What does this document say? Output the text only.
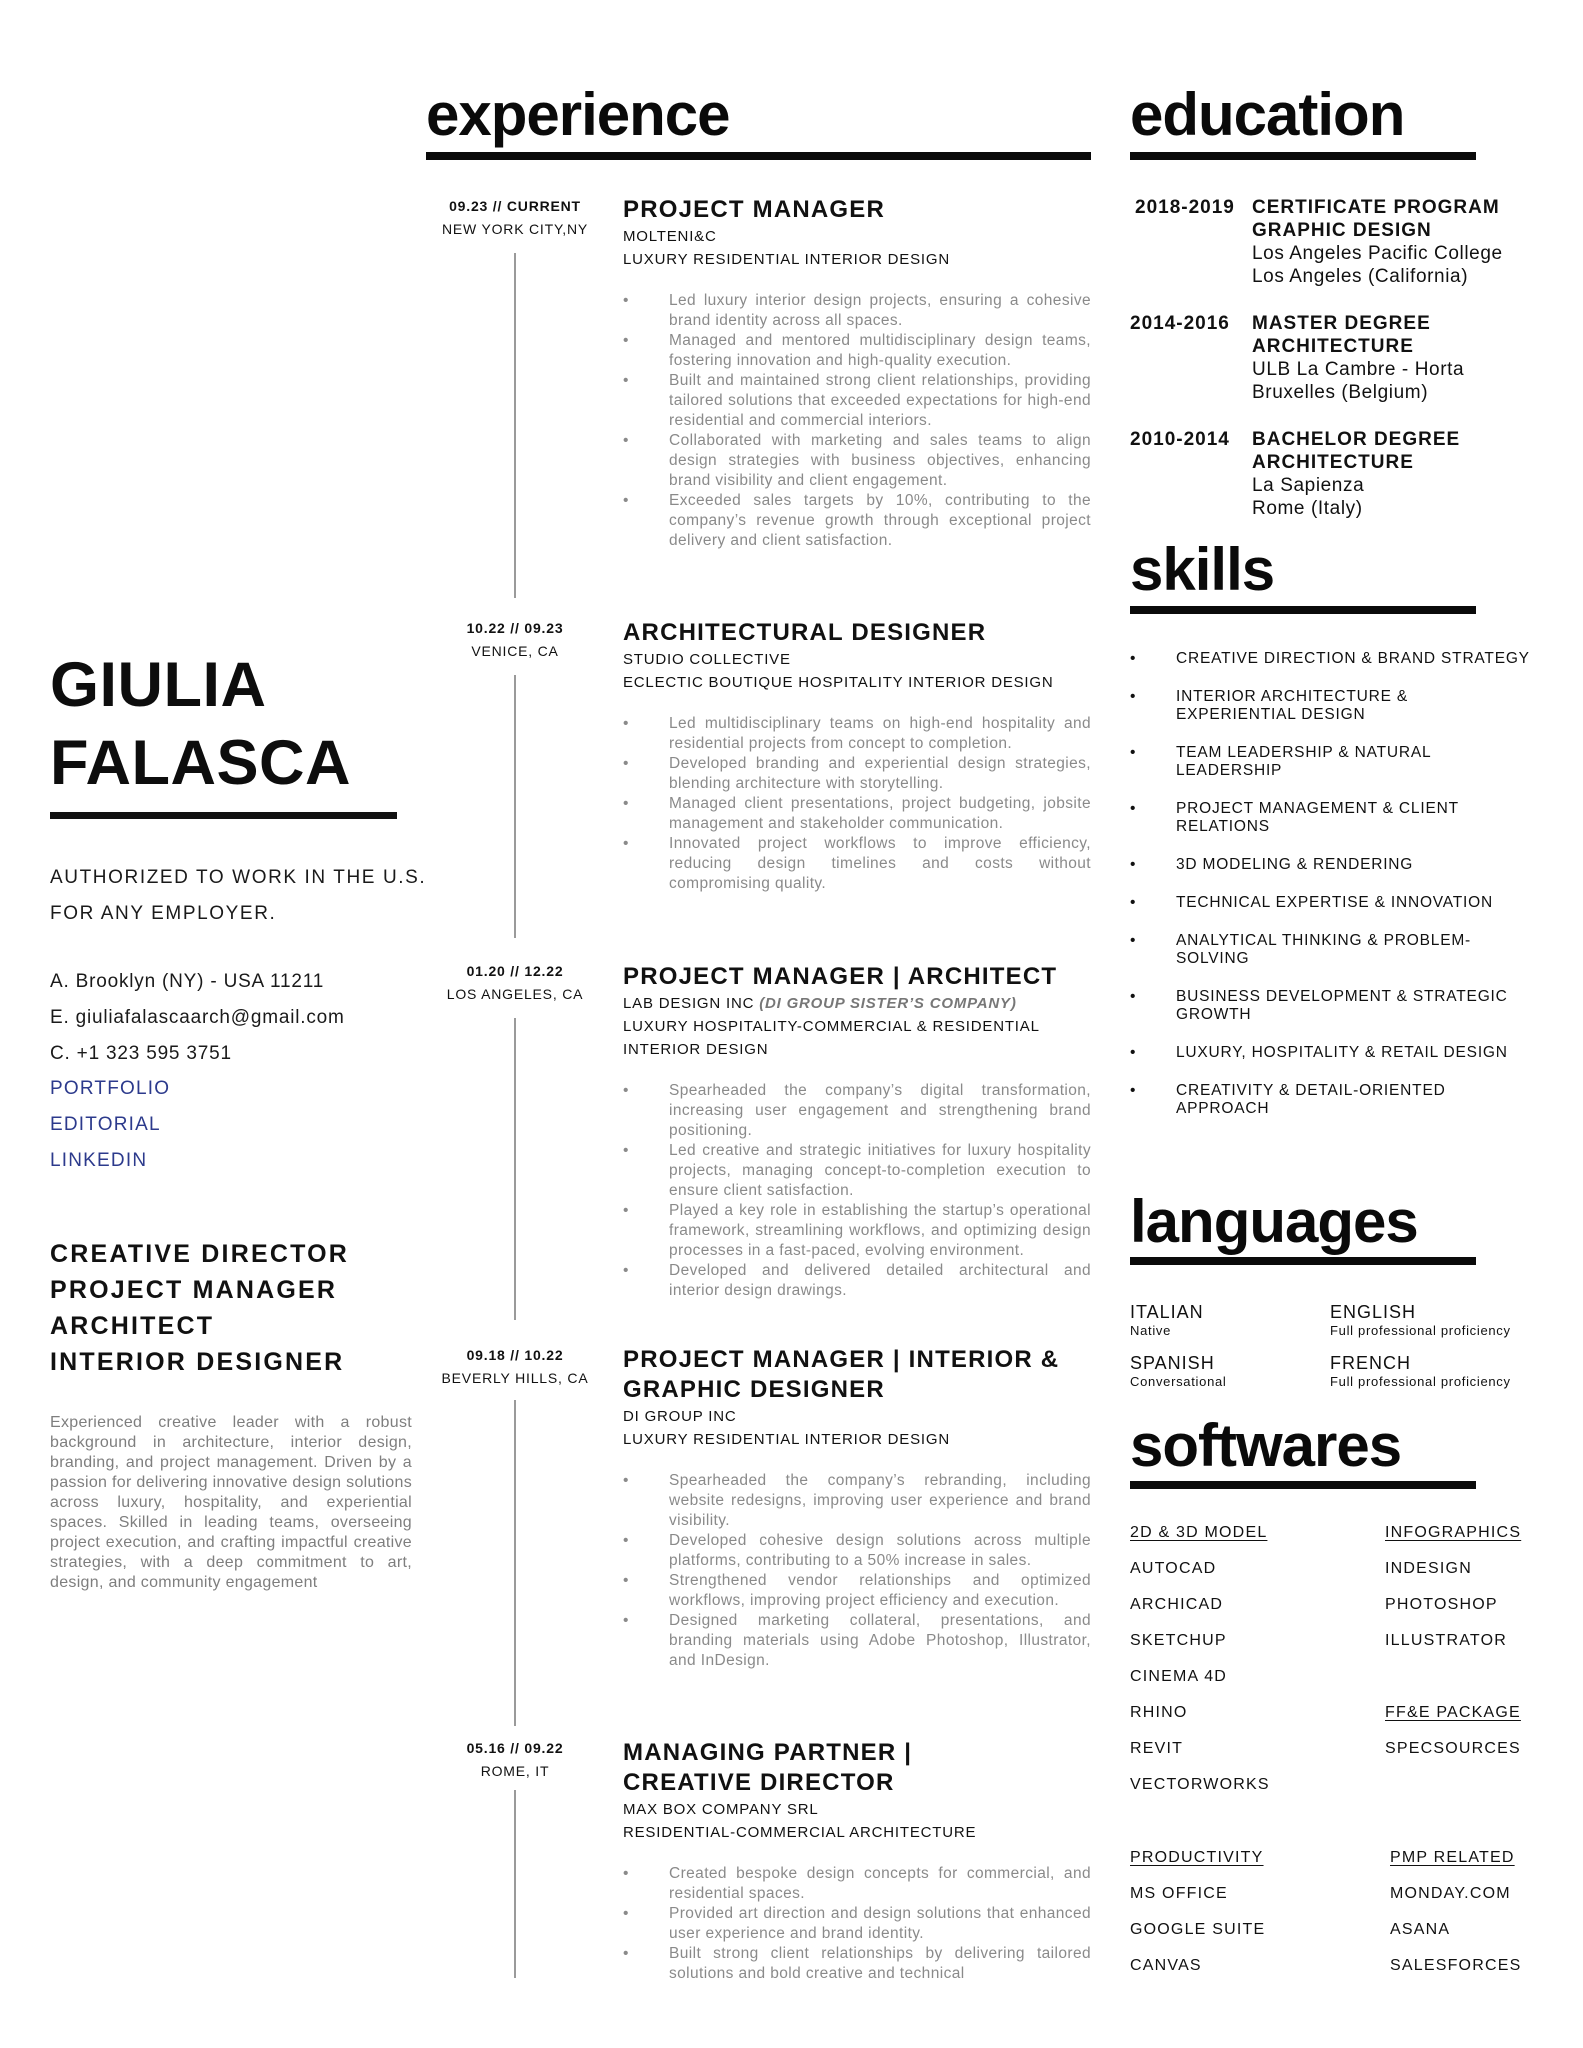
GIULIA
FALASCA
AUTHORIZED TO WORK IN THE U.S.
FOR ANY EMPLOYER.
A. Brooklyn (NY) - USA 11211
E. giuliafalascaarch@gmail.com
C. +1 323 595 3751
PORTFOLIO
EDITORIAL
LINKEDIN
CREATIVE DIRECTOR
PROJECT MANAGER
ARCHITECT
INTERIOR DESIGNER
Experienced creative leader with a robust background in architecture, interior design, branding, and project management. Driven by a passion for delivering innovative design solutions across luxury, hospitality, and experiential spaces. Skilled in leading teams, overseeing project execution, and crafting impactful creative strategies, with a deep commitment to art, design, and community engagement
experience
09.23 // CURRENT
NEW YORK CITY,NY
PROJECT MANAGER
MOLTENI&C
LUXURY RESIDENTIAL INTERIOR DESIGN
• Led luxury interior design projects, ensuring a cohesive brand identity across all spaces.
• Managed and mentored multidisciplinary design teams, fostering innovation and high-quality execution.
• Built and maintained strong client relationships, providing tailored solutions that exceeded expectations for high-end residential and commercial interiors.
• Collaborated with marketing and sales teams to align design strategies with business objectives, enhancing brand visibility and client engagement.
• Exceeded sales targets by 10%, contributing to the company’s revenue growth through exceptional project delivery and client satisfaction.
10.22 // 09.23
VENICE, CA
ARCHITECTURAL DESIGNER
STUDIO COLLECTIVE
ECLECTIC BOUTIQUE HOSPITALITY INTERIOR DESIGN
• Led multidisciplinary teams on high-end hospitality and residential projects from concept to completion.
• Developed branding and experiential design strategies, blending architecture with storytelling.
• Managed client presentations, project budgeting, jobsite management and stakeholder communication.
• Innovated project workflows to improve efficiency, reducing design timelines and costs without compromising quality.
01.20 // 12.22
LOS ANGELES, CA
PROJECT MANAGER | ARCHITECT
LAB DESIGN INC (DI GROUP SISTER’S COMPANY)
LUXURY HOSPITALITY-COMMERCIAL & RESIDENTIAL INTERIOR DESIGN
• Spearheaded the company’s digital transformation, increasing user engagement and strengthening brand positioning.
• Led creative and strategic initiatives for luxury hospitality projects, managing concept-to-completion execution to ensure client satisfaction.
• Played a key role in establishing the startup’s operational framework, streamlining workflows, and optimizing design processes in a fast-paced, evolving environment.
• Developed and delivered detailed architectural and interior design drawings.
09.18 // 10.22
BEVERLY HILLS, CA
PROJECT MANAGER | INTERIOR & GRAPHIC DESIGNER
DI GROUP INC
LUXURY RESIDENTIAL INTERIOR DESIGN
• Spearheaded the company’s rebranding, including website redesigns, improving user experience and brand visibility.
• Developed cohesive design solutions across multiple platforms, contributing to a 50% increase in sales.
• Strengthened vendor relationships and optimized workflows, improving project efficiency and execution.
• Designed marketing collateral, presentations, and branding materials using Adobe Photoshop, Illustrator, and InDesign.
05.16 // 09.22
ROME, IT
MANAGING PARTNER | CREATIVE DIRECTOR
MAX BOX COMPANY SRL
RESIDENTIAL-COMMERCIAL ARCHITECTURE
• Created bespoke design concepts for commercial, and residential spaces.
• Provided art direction and design solutions that enhanced user experience and brand identity.
• Built strong client relationships by delivering tailored solutions and bold creative and technical
education
2018-2019 CERTIFICATE PROGRAM
GRAPHIC DESIGN
Los Angeles Pacific College
Los Angeles (California)
2014-2016 MASTER DEGREE
ARCHITECTURE
ULB La Cambre - Horta
Bruxelles (Belgium)
2010-2014 BACHELOR DEGREE
ARCHITECTURE
La Sapienza
Rome (Italy)
skills
• CREATIVE DIRECTION & BRAND STRATEGY
• INTERIOR ARCHITECTURE & EXPERIENTIAL DESIGN
• TEAM LEADERSHIP & NATURAL LEADERSHIP
• PROJECT MANAGEMENT & CLIENT RELATIONS
• 3D MODELING & RENDERING
• TECHNICAL EXPERTISE & INNOVATION
• ANALYTICAL THINKING & PROBLEM-SOLVING
• BUSINESS DEVELOPMENT & STRATEGIC GROWTH
• LUXURY, HOSPITALITY & RETAIL DESIGN
• CREATIVITY & DETAIL-ORIENTED APPROACH
languages
ITALIAN
Native
ENGLISH
Full professional proficiency
SPANISH
Conversational
FRENCH
Full professional proficiency
softwares
2D & 3D MODEL
AUTOCAD
ARCHICAD
SKETCHUP
CINEMA 4D
RHINO
REVIT
VECTORWORKS
INFOGRAPHICS
INDESIGN
PHOTOSHOP
ILLUSTRATOR
FF&E PACKAGE
SPECSOURCES
PRODUCTIVITY
MS OFFICE
GOOGLE SUITE
CANVAS
PMP RELATED
MONDAY.COM
ASANA
SALESFORCES
